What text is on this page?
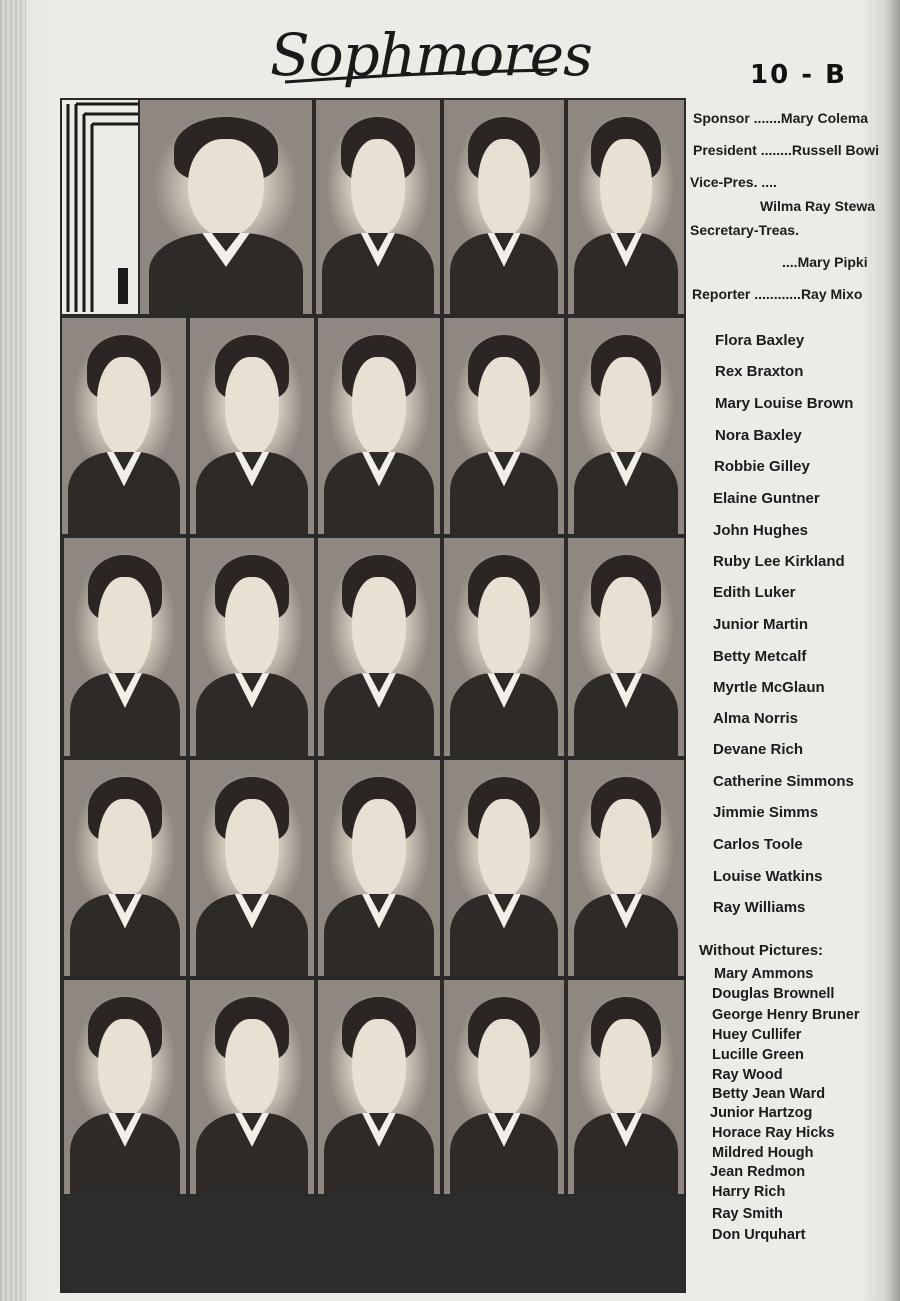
Sophmores	10 - B
Sponsor .......Mary Colema
President ........Russell Bowi
Vice-Pres. ....
Wilma Ray Stewa
Secretary-Treas.
....Mary Pipki
Reporter ............Ray Mixo
Flora Baxley
Rex Braxton
Mary Louise Brown
Nora Baxley
Robbie Gilley
Elaine Guntner
John Hughes
Ruby Lee Kirkland
Edith Luker
Junior Martin
Betty Metcalf
Myrtle McGlaun
Alma Norris
Devane Rich
Catherine Simmons
Jimmie Simms
Carlos Toole
Louise Watkins
Ray Williams
Without Pictures:
Mary Ammons
Douglas Brownell
George Henry Bruner
Huey Cullifer
Lucille Green
Ray Wood
Betty Jean Ward
Junior Hartzog
Horace Ray Hicks
Mildred Hough
Jean Redmon
Harry Rich
Ray Smith
Don Urquhart
